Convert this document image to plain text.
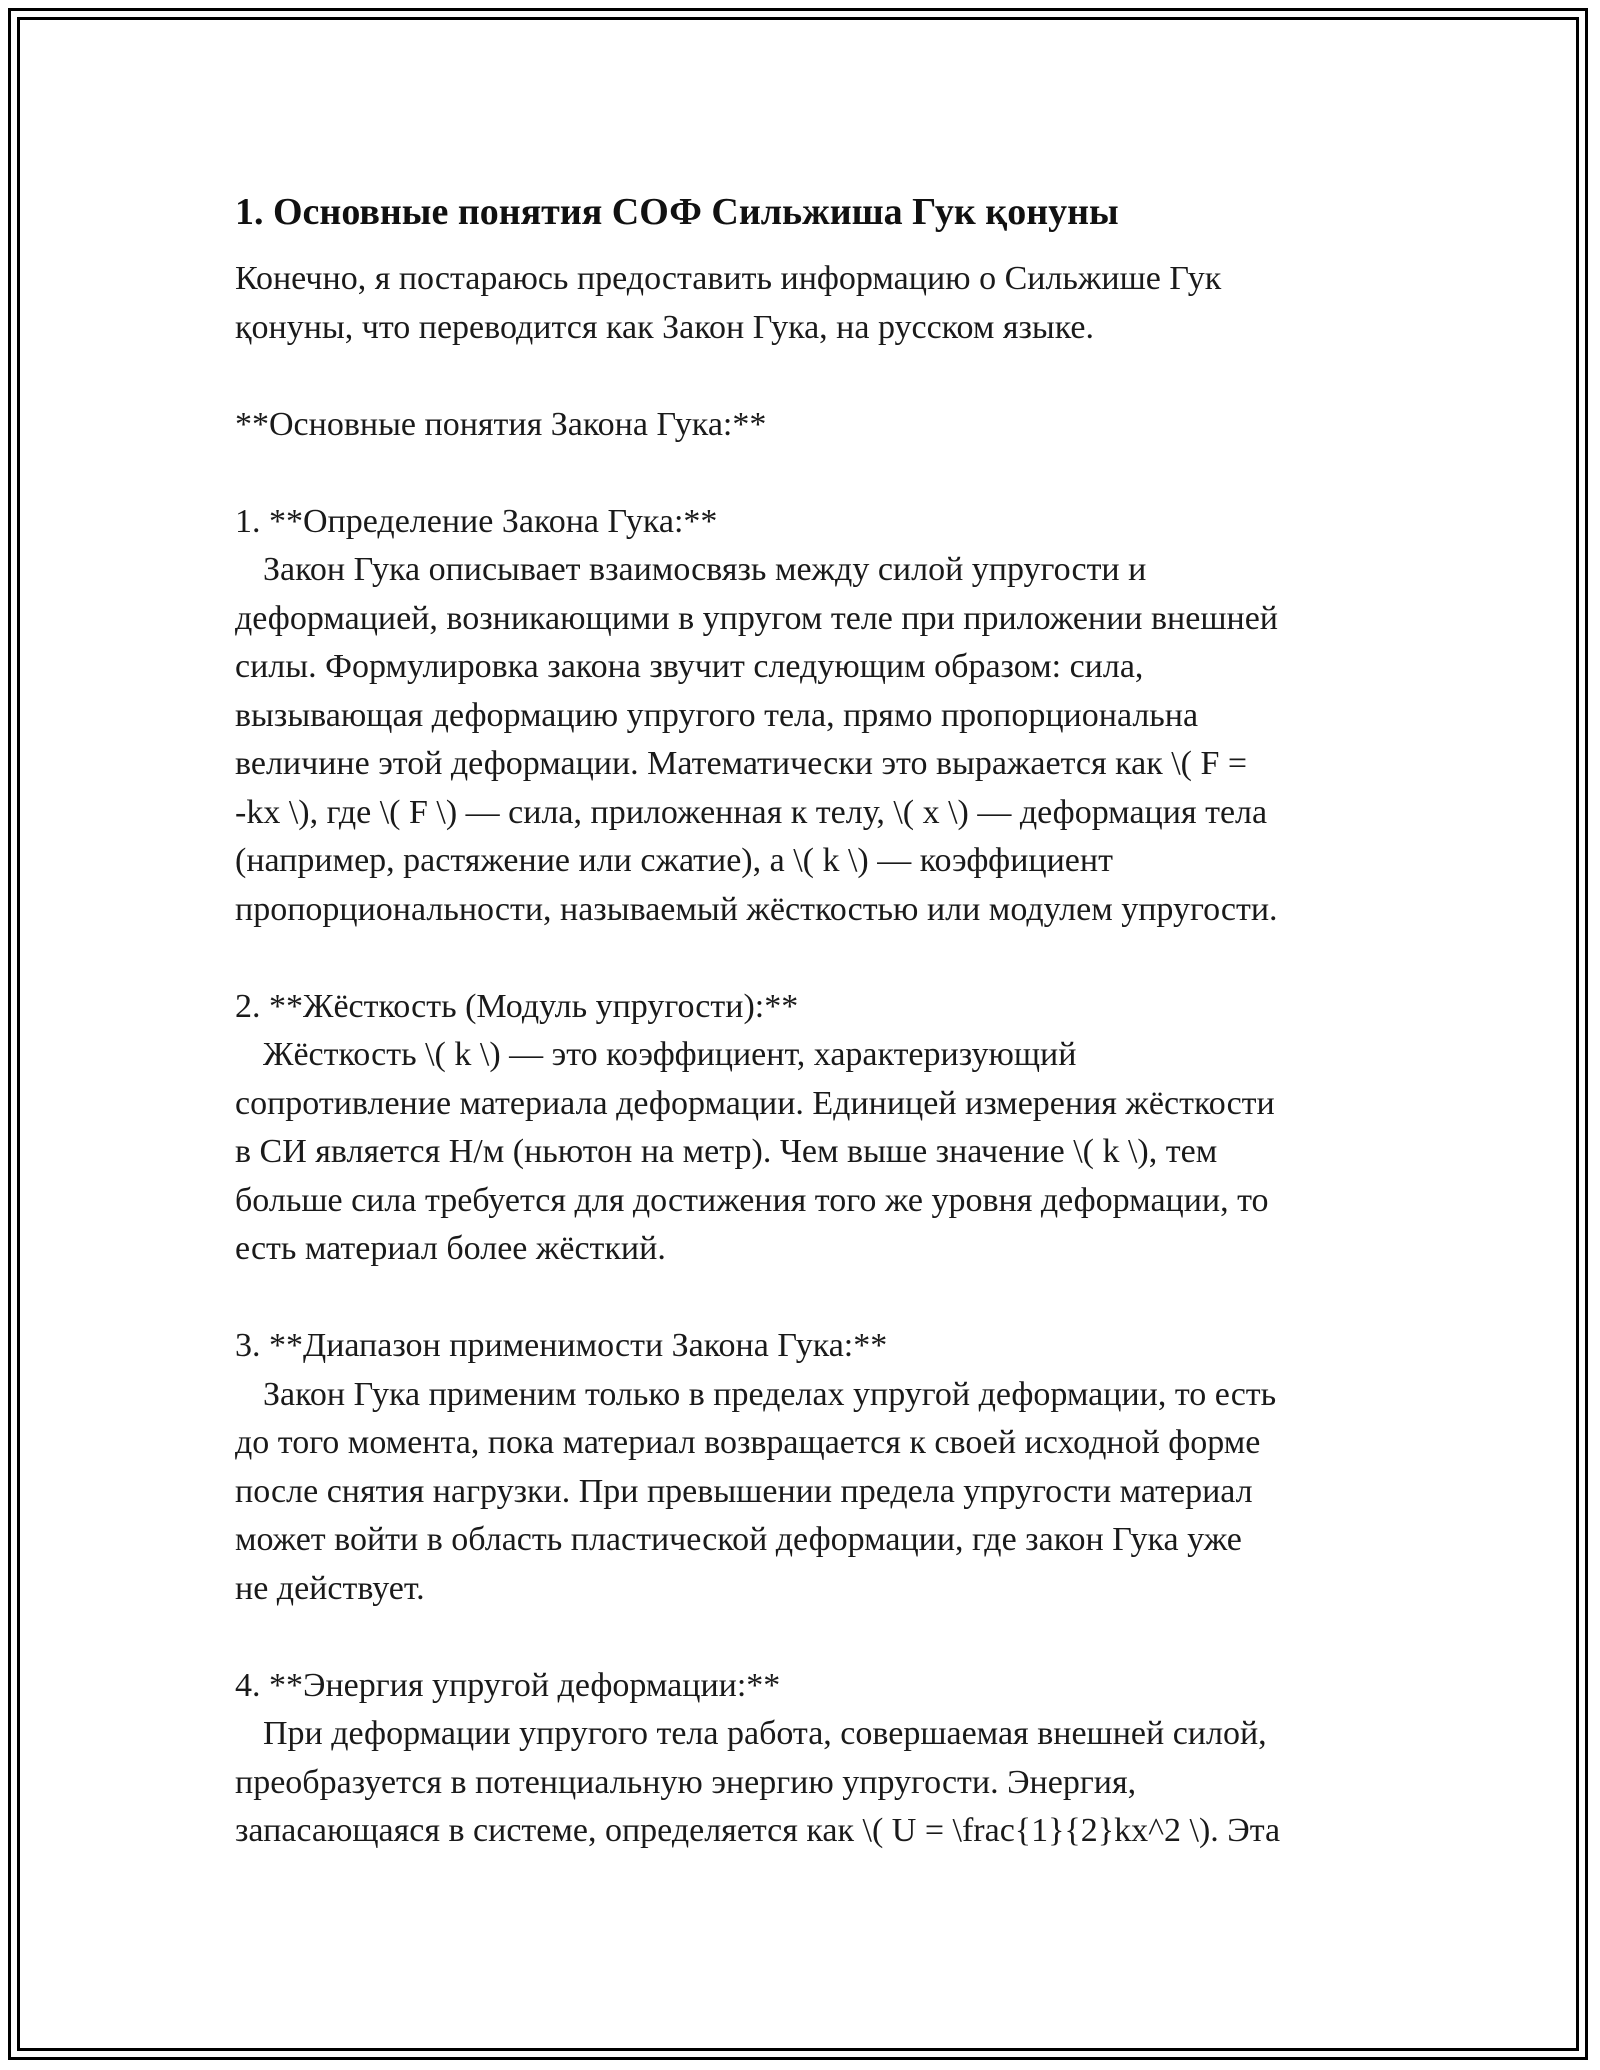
1. Основные понятия СОФ Сильжиша Гук қонуны

Конечно, я постараюсь предоставить информацию о Сильжише Гук
қонуны, что переводится как Закон Гука, на русском языке.

**Основные понятия Закона Гука:**

1. **Определение Закона Гука:**

Закон Гука описывает взаимосвязь между силой упругости и
деформацией, возникающими в упругом теле при приложении внешней
силы. Формулировка закона звучит следующим образом: сила,
вызывающая деформацию упругого тела, прямо пропорциональна
величине этой деформации. Математически это выражается как \( F =
-kx \), где \( F \) — сила, приложенная к телу, \( x \) — деформация тела
(например, растяжение или сжатие), а \( k \) — коэффициент
пропорциональности, называемый жёсткостью или модулем упругости.

2. **Жёсткость (Модуль упругости):**

Жёсткость \( k \) — это коэффициент, характеризующий
сопротивление материала деформации. Единицей измерения жёсткости
в СИ является Н/м (ньютон на метр). Чем выше значение \( k \), тем
больше сила требуется для достижения того же уровня деформации, то
есть материал более жёсткий.

3. **Диапазон применимости Закона Гука:**

Закон Гука применим только в пределах упругой деформации, то есть
до того момента, пока материал возвращается к своей исходной форме
после снятия нагрузки. При превышении предела упругости материал
может войти в область пластической деформации, где закон Гука уже
не действует.

4. **Энергия упругой деформации:**

При деформации упругого тела работа, совершаемая внешней силой,
преобразуется в потенциальную энергию упругости. Энергия,
запасающаяся в системе, определяется как \( U = \frac{1}{2}kx^2 \). Эта
